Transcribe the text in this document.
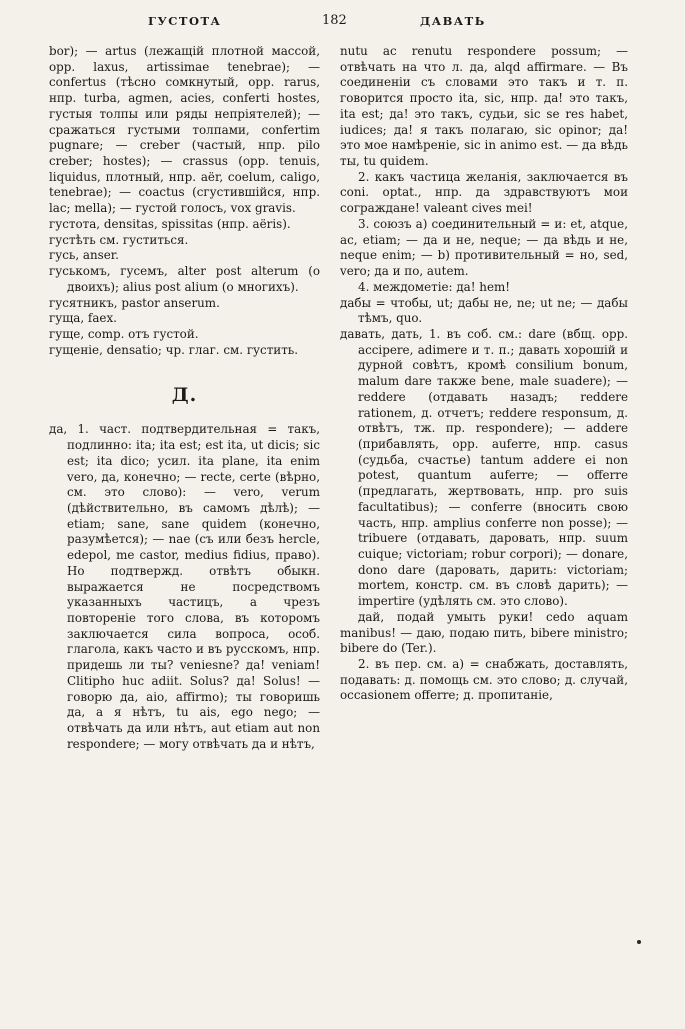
ГУСТОТА	182	ДАВАТЬ

bor); — artus (лежащій плотной массой, opp. laxus, artissimae tenebrae); — confertus (тѣсно сомкнутый, opp. rarus, нпр. turba, agmen, acies, conferti hostes, густыя толпы или ряды непріятелей); — сражаться густыми толпами, confertim pugnare; — creber (частый, нпр. pilo creber; hostes); — crassus (opp. tenuis, liquidus, плотный, нпр. aër, coelum, caligo, tenebrae); — coactus (сгустившійся, нпр. lac; mella); — густой голосъ, vox gravis.

густота, densitas, spissitas (нпр. aëris).

густѣть см. густиться.

гусь, anser.

гуськомъ, гусемъ, alter post alterum (о двоихъ); alius post alium (о многихъ).

гусятникъ, pastor anserum.

гуща, faex.

гуще, comp. отъ густой.

гущеніе, densatio; чр. глаг. см. густить.

Д.

да, 1. част. подтвердительная = такъ, подлинно: ita; ita est; est ita, ut dicis; sic est; ita dico; усил. ita plane, ita enim vero, да, конечно; — recte, certe (вѣрно, см. это слово): — vero, verum (дѣйствительно, въ самомъ дѣлѣ); — etiam; sane, sane quidem (конечно, разумѣется); — nae (съ или безъ hercle, edepol, me castor, medius fidius, право). Но подтвержд. отвѣтъ обыкн. выражается не посредствомъ указанныхъ частицъ, а чрезъ повтореніе того слова, въ которомъ заключается сила вопроса, особ. глагола, какъ часто и въ русскомъ, нпр. придешь ли ты? veniesne? да! veniam! Clitipho huc adiit. Solus? да! Solus! — говорю да, aio, affirmo); ты говоришь да, а я нѣтъ, tu ais, ego nego; — отвѣчать да или нѣтъ, aut etiam aut non respondere; — могу отвѣчать да и нѣтъ,

nutu ac renutu respondere possum; — отвѣчать на что л. да, alqd affirmare. — Въ соединеніи съ словами это такъ и т. п. говорится просто ita, sic, нпр. да! это такъ, ita est; да! это такъ, судьи, sic se res habet, iudices; да! я такъ полагаю, sic opinor; да! это мое намѣреніе, sic in animo est. — да вѣдь ты, tu quidem.

2. какъ частица желанія, заключается въ coni. optat., нпр. да здравствуютъ мои согражданe! valeant cives mei!

3. союзъ а) соединительный = и: et, atque, ac, etiam; — да и не, neque; — да вѣдь и не, neque enim; — b) противительный = но, sed, vero; да и по, autem.

4. междометіе: да! hem!

дабы = чтобы, ut; дабы не, ne; ut ne; — дабы тѣмъ, quo.

давать, дать, 1. въ соб. см.: dare (вбщ. opp. accipere, adimere и т. п.; давать хорошій и дурной совѣтъ, кромѣ consilium bonum, malum dare также bene, male suadere); — reddere (отдавать назадъ; reddere rationem, д. отчетъ; reddere responsum, д. отвѣтъ, тж. пр. respondere); — addere (прибавлять, opp. auferre, нпр. casus (судьба, счастье) tantum addere ei non potest, quantum auferre; — offerre (предлагать, жертвовать, нпр. pro suis facultatibus); — conferre (вносить свою часть, нпр. amplius conferre non posse); — tribuere (отдавать, даровать, нпр. suum cuique; victoriam; robur corpori); — donare, dono dare (даровать, дарить: victoriam; mortem, констр. см. въ словѣ дарить); — impertire (удѣлять см. это слово).

дай, подай умыть руки! cedo aquam manibus! — даю, подаю пить, bibere ministro; bibere do (Ter.).

2. въ пер. см. а) = снабжать, доставлять, подавать: д. помощь см. это слово; д. случай, occasionem offerre; д. пропитаніе,
